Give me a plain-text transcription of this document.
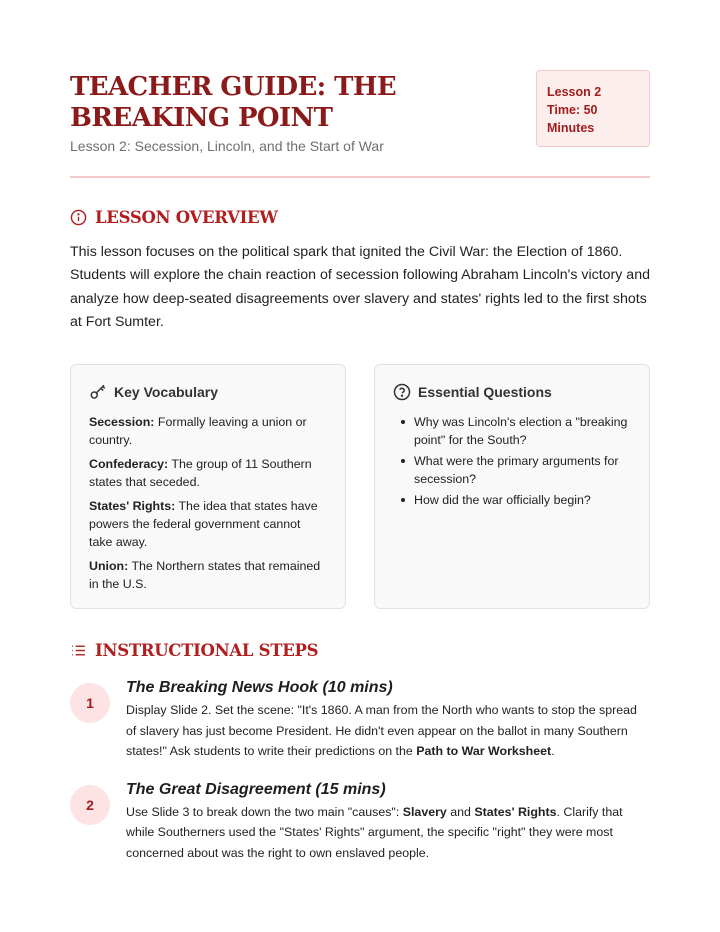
TEACHER GUIDE: THE BREAKING POINT
Lesson 2: Secession, Lincoln, and the Start of War
Lesson 2
Time: 50 Minutes
LESSON OVERVIEW

This lesson focuses on the political spark that ignited the Civil War: the Election of 1860. Students will explore the chain reaction of secession following Abraham Lincoln's victory and analyze how deep-seated disagreements over slavery and states' rights led to the first shots at Fort Sumter.

Key Vocabulary
Secession: Formally leaving a union or country.
Confederacy: The group of 11 Southern states that seceded.
States' Rights: The idea that states have powers the federal government cannot take away.
Union: The Northern states that remained in the U.S.
Essential Questions
Why was Lincoln's election a "breaking point" for the South?
What were the primary arguments for secession?
How did the war officially begin?
INSTRUCTIONAL STEPS
1
The Breaking News Hook (10 mins)
Display Slide 2. Set the scene: "It's 1860. A man from the North who wants to stop the spread of slavery has just become President. He didn't even appear on the ballot in many Southern states!" Ask students to write their predictions on the Path to War Worksheet.
2
The Great Disagreement (15 mins)
Use Slide 3 to break down the two main "causes": Slavery and States' Rights. Clarify that while Southerners used the "States' Rights" argument, the specific "right" they were most concerned about was the right to own enslaved people.
